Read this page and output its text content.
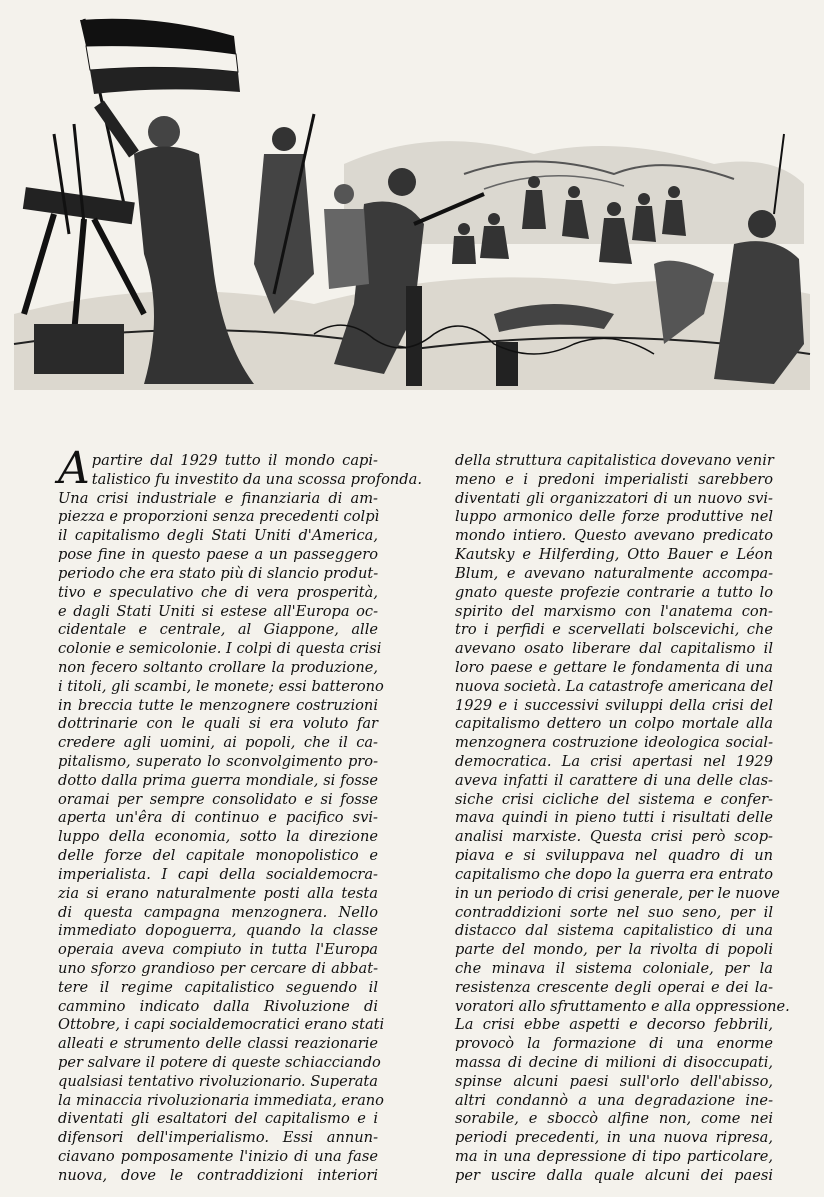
A partire dal 1929 tutto il mondo capi-
talistico fu investito da una scossa profonda.
Una crisi industriale e finanziaria di am-
piezza e proporzioni senza precedenti colpì
il capitalismo degli Stati Uniti d'America,
pose fine in questo paese a un passeggero
periodo che era stato più di slancio produt-
tivo e speculativo che di vera prosperità,
e dagli Stati Uniti si estese all'Europa oc-
cidentale e centrale, al Giappone, alle
colonie e semicolonie. I colpi di questa crisi
non fecero soltanto crollare la produzione,
i titoli, gli scambi, le monete; essi batterono
in breccia tutte le menzognere costruzioni
dottrinarie con le quali si era voluto far
credere agli uomini, ai popoli, che il ca-
pitalismo, superato lo sconvolgimento pro-
dotto dalla prima guerra mondiale, si fosse
oramai per sempre consolidato e si fosse
aperta un'êra di continuo e pacifico svi-
luppo della economia, sotto la direzione
delle forze del capitale monopolistico e
imperialista. I capi della socialdemocra-
zia si erano naturalmente posti alla testa
di questa campagna menzognera. Nello
immediato dopoguerra, quando la classe
operaia aveva compiuto in tutta l'Europa
uno sforzo grandioso per cercare di abbat-
tere il regime capitalistico seguendo il
cammino indicato dalla Rivoluzione di
Ottobre, i capi socialdemocratici erano stati
alleati e strumento delle classi reazionarie
per salvare il potere di queste schiacciando
qualsiasi tentativo rivoluzionario. Superata
la minaccia rivoluzionaria immediata, erano
diventati gli esaltatori del capitalismo e i
difensori dell'imperialismo. Essi annun-
ciavano pomposamente l'inizio di una fase
nuova, dove le contraddizioni interiori
della struttura capitalistica dovevano venir
meno e i predoni imperialisti sarebbero
diventati gli organizzatori di un nuovo svi-
luppo armonico delle forze produttive nel
mondo intiero. Questo avevano predicato
Kautsky e Hilferding, Otto Bauer e Léon
Blum, e avevano naturalmente accompa-
gnato queste profezie contrarie a tutto lo
spirito del marxismo con l'anatema con-
tro i perfidi e scervellati bolscevichi, che
avevano osato liberare dal capitalismo il
loro paese e gettare le fondamenta di una
nuova società. La catastrofe americana del
1929 e i successivi sviluppi della crisi del
capitalismo dettero un colpo mortale alla
menzognera costruzione ideologica social-
democratica. La crisi apertasi nel 1929
aveva infatti il carattere di una delle clas-
siche crisi cicliche del sistema e confer-
mava quindi in pieno tutti i risultati delle
analisi marxiste. Questa crisi però scop-
piava e si sviluppava nel quadro di un
capitalismo che dopo la guerra era entrato
in un periodo di crisi generale, per le nuove
contraddizioni sorte nel suo seno, per il
distacco dal sistema capitalistico di una
parte del mondo, per la rivolta di popoli
che minava il sistema coloniale, per la
resistenza crescente degli operai e dei la-
voratori allo sfruttamento e alla oppressione.
La crisi ebbe aspetti e decorso febbrili,
provocò la formazione di una enorme
massa di decine di milioni di disoccupati,
spinse alcuni paesi sull'orlo dell'abisso,
altri condannò a una degradazione ine-
sorabile, e sboccò alfine non, come nei
periodi precedenti, in una nuova ripresa,
ma in una depressione di tipo particolare,
per uscire dalla quale alcuni dei paesi
